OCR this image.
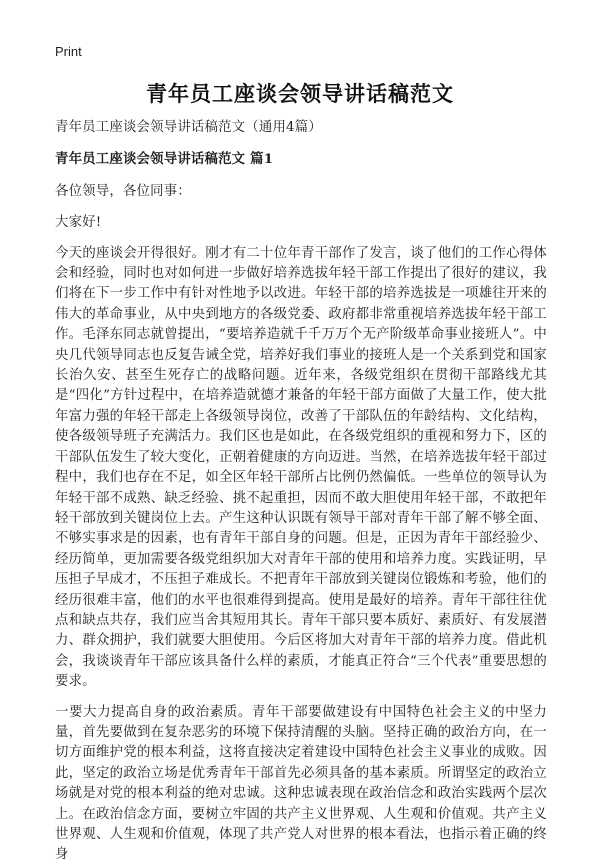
Print
青年员工座谈会领导讲话稿范文

青年员工座谈会领导讲话稿范文（通用4篇）

青年员工座谈会领导讲话稿范文 篇1

各位领导，各位同事：

大家好!

今天的座谈会开得很好。刚才有二十位年青干部作了发言，谈了他们的工作心得体会和经验，同时也对如何进一步做好培养选拔年轻干部工作提出了很好的建议，我们将在下一步工作中有针对性地予以改进。年轻干部的培养选拔是一项雄往开来的伟大的革命事业，从中央到地方的各级党委、政府都非常重视培养选拔年轻干部工作。毛泽东同志就曾提出，“要培养造就千千万万个无产阶级革命事业接班人”。中央几代领导同志也反复告诫全党，培养好我们事业的接班人是一个关系到党和国家长治久安、甚至生死存亡的战略问题。近年来，各级党组织在贯彻干部路线尤其是“四化”方针过程中，在培养造就德才兼备的年轻干部方面做了大量工作，使大批年富力强的年轻干部走上各级领导岗位，改善了干部队伍的年龄结构、文化结构，使各级领导班子充满活力。我们区也是如此，在各级党组织的重视和努力下，区的干部队伍发生了较大变化，正朝着健康的方向迈进。当然，在培养选拔年轻干部过程中，我们也存在不足，如全区年轻干部所占比例仍然偏低。一些单位的领导认为年轻干部不成熟、缺乏经验、挑不起重担，因而不敢大胆使用年轻干部，不敢把年轻干部放到关键岗位上去。产生这种认识既有领导干部对青年干部了解不够全面、不够实事求是的因素，也有青年干部自身的问题。但是，正因为青年干部经验少、经历简单，更加需要各级党组织加大对青年干部的使用和培养力度。实践证明，早压担子早成才，不压担子难成长。不把青年干部放到关键岗位锻炼和考验，他们的经历很难丰富，他们的水平也很难得到提高。使用是最好的培养。青年干部往往优点和缺点共存，我们应当舍其短用其长。青年干部只要本质好、素质好、有发展潜力、群众拥护，我们就要大胆使用。今后区将加大对青年干部的培养力度。借此机会，我谈谈青年干部应该具备什么样的素质，才能真正符合“三个代表”重要思想的要求。

一要大力提高自身的政治素质。青年干部要做建设有中国特色社会主义的中坚力量，首先要做到在复杂恶劣的环境下保持清醒的头脑。坚持正确的政治方向，在一切方面维护党的根本利益，这将直接决定着建设中国特色社会主义事业的成败。因此，坚定的政治立场是优秀青年干部首先必须具备的基本素质。所谓坚定的政治立场就是对党的根本利益的绝对忠诚。这种忠诚表现在政治信念和政治实践两个层次上。在政治信念方面，要树立牢固的共产主义世界观、人生观和价值观。共产主义世界观、人生观和价值观，体现了共产党人对世界的根本看法，也指示着正确的终身
